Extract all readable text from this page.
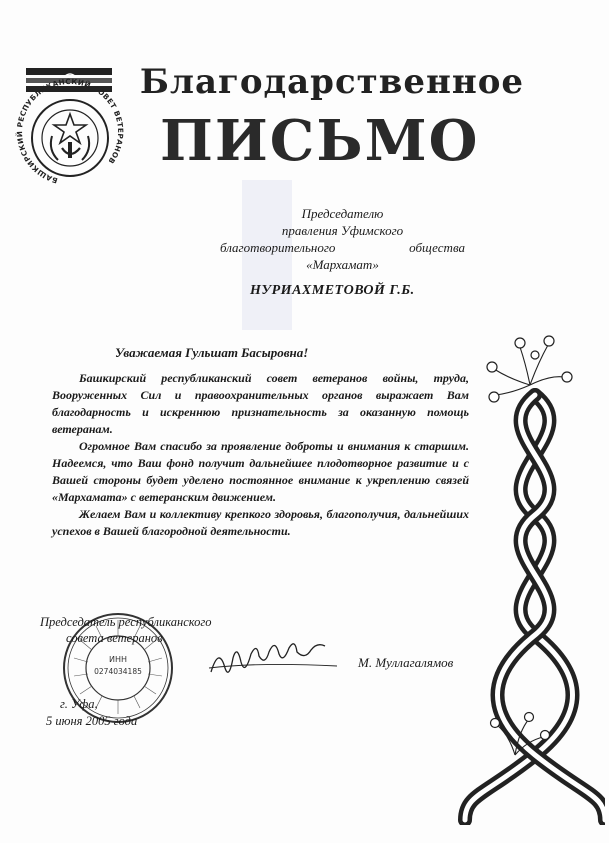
БАШКИРСКИЙ РЕСПУБЛИКАНСКИЙ СОВЕТ ВЕТЕРАНОВ
Благодарственное
ПИСЬМО
Председателю
правления Уфимского
благотворительного общества
«Мархамат»
НУРИАХМЕТОВОЙ Г.Б.
Уважаемая Гульшат Басыровна!

Башкирский республиканский совет ветеранов войны, труда, Вооруженных Сил и правоохранительных органов выражает Вам благодарность и искреннюю признательность за оказанную помощь ветеранам.

Огромное Вам спасибо за проявление доброты и внимания к старшим. Надеемся, что Ваш фонд получит дальнейшее плодотворное развитие и с Вашей стороны будет уделено постоянное внимание к укреплению связей «Мархамата» с ветеранским движением.

Желаем Вам и коллективу крепкого здоровья, благополучия, дальнейших успехов в Вашей благородной деятельности.

ИНН
0274034185
Председатель республиканского
совета ветеранов
М. Муллагалямов
г. Уфа,
5 июня 2005 года
